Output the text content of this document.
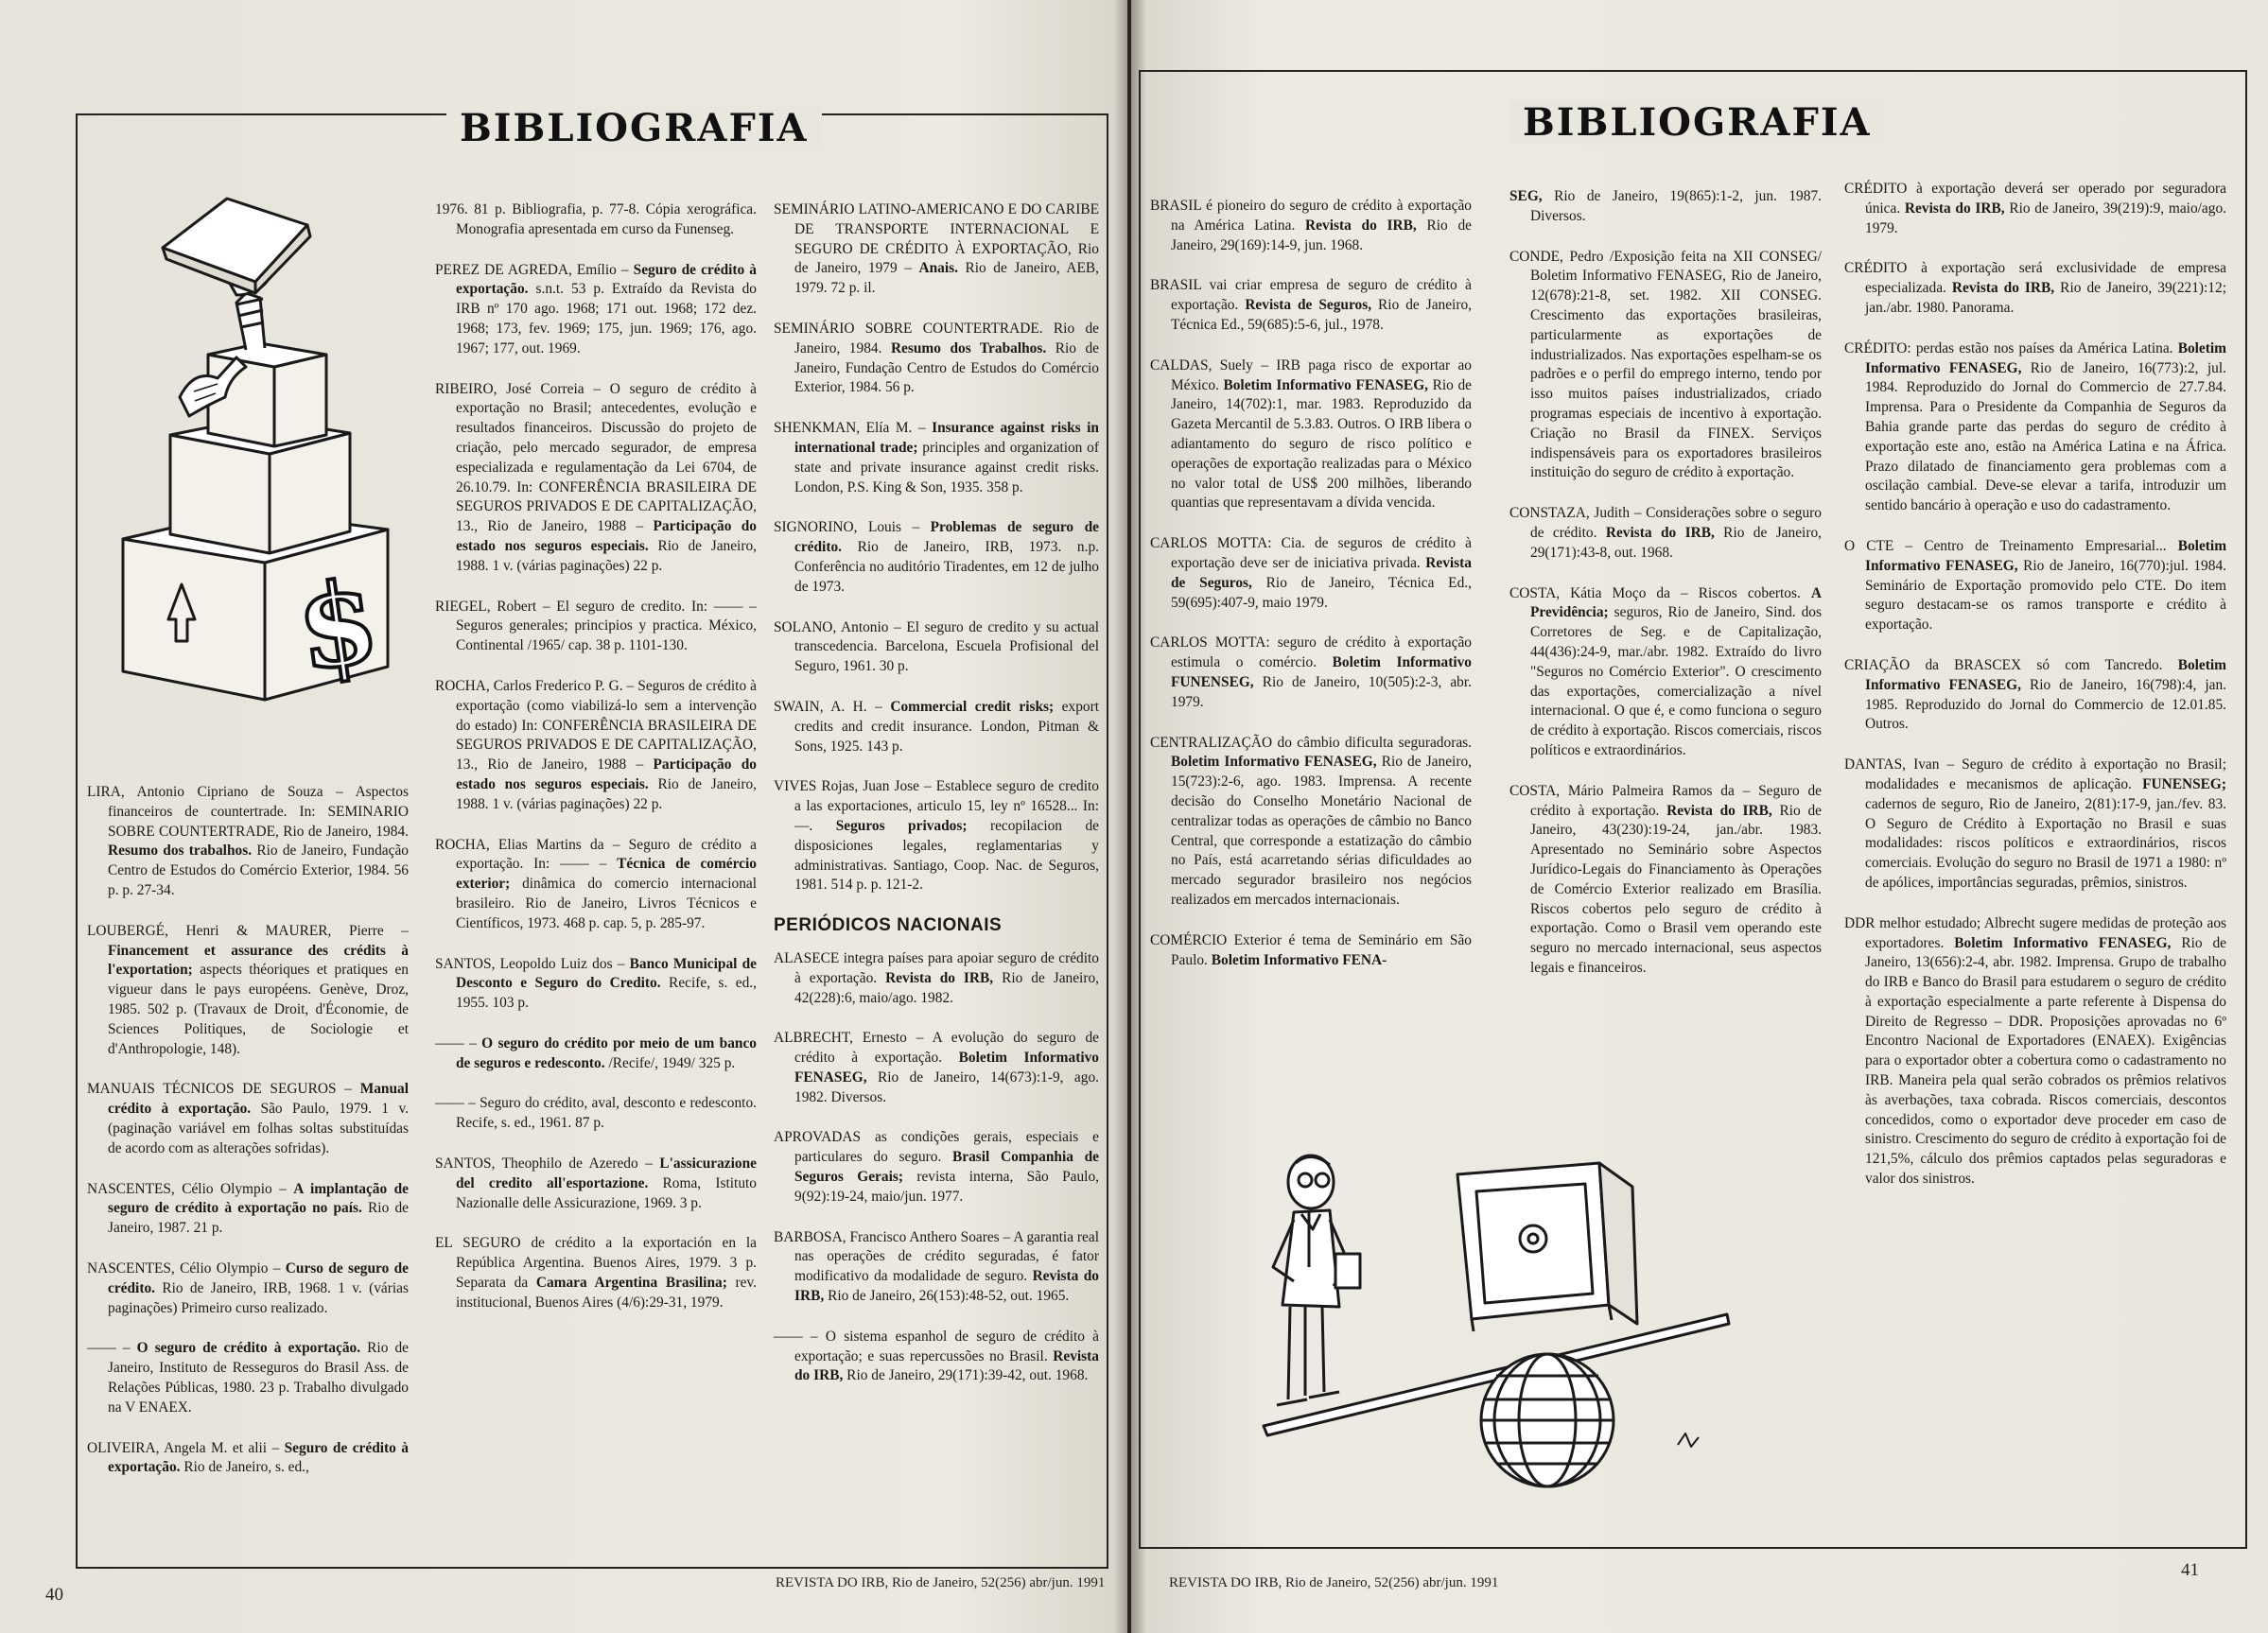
BIBLIOGRAFIA
$
LIRA, Antonio Cipriano de Souza – Aspectos financeiros de countertrade. In: SEMINARIO SOBRE COUNTERTRADE, Rio de Janeiro, 1984. Resumo dos trabalhos. Rio de Janeiro, Fundação Centro de Estudos do Comércio Exterior, 1984. 56 p. p. 27-34.
LOUBERGÉ, Henri & MAURER, Pierre – Financement et assurance des crédits à l'exportation; aspects théoriques et pratiques en vigueur dans le pays européens. Genève, Droz, 1985. 502 p. (Travaux de Droit, d'Économie, de Sciences Politiques, de Sociologie et d'Anthropologie, 148).
MANUAIS TÉCNICOS DE SEGUROS – Manual crédito à exportação. São Paulo, 1979. 1 v. (paginação variável em folhas soltas substituídas de acordo com as alterações sofridas).
NASCENTES, Célio Olympio – A implantação de seguro de crédito à exportação no país. Rio de Janeiro, 1987. 21 p.
NASCENTES, Célio Olympio – Curso de seguro de crédito. Rio de Janeiro, IRB, 1968. 1 v. (várias paginações) Primeiro curso realizado.
—— – O seguro de crédito à exportação. Rio de Janeiro, Instituto de Resseguros do Brasil Ass. de Relações Públicas, 1980. 23 p. Trabalho divulgado na V ENAEX.
OLIVEIRA, Angela M. et alii – Seguro de crédito à exportação. Rio de Janeiro, s. ed.,
1976. 81 p. Bibliografia, p. 77-8. Cópia xerográfica. Monografia apresentada em curso da Funenseg.
PEREZ DE AGREDA, Emílio – Seguro de crédito à exportação. s.n.t. 53 p. Extraído da Revista do IRB nº 170 ago. 1968; 171 out. 1968; 172 dez. 1968; 173, fev. 1969; 175, jun. 1969; 176, ago. 1967; 177, out. 1969.
RIBEIRO, José Correia – O seguro de crédito à exportação no Brasil; antecedentes, evolução e resultados financeiros. Discussão do projeto de criação, pelo mercado segurador, de empresa especializada e regulamentação da Lei 6704, de 26.10.79. In: CONFERÊNCIA BRASILEIRA DE SEGUROS PRIVADOS E DE CAPITALIZAÇÃO, 13., Rio de Janeiro, 1988 – Participação do estado nos seguros especiais. Rio de Janeiro, 1988. 1 v. (várias paginações) 22 p.
RIEGEL, Robert – El seguro de credito. In: —— – Seguros generales; principios y practica. México, Continental /1965/ cap. 38 p. 1101-130.
ROCHA, Carlos Frederico P. G. – Seguros de crédito à exportação (como viabilizá-lo sem a intervenção do estado) In: CONFERÊNCIA BRASILEIRA DE SEGUROS PRIVADOS E DE CAPITALIZAÇÃO, 13., Rio de Janeiro, 1988 – Participação do estado nos seguros especiais. Rio de Janeiro, 1988. 1 v. (várias paginações) 22 p.
ROCHA, Elias Martins da – Seguro de crédito a exportação. In: —— – Técnica de comércio exterior; dinâmica do comercio internacional brasileiro. Rio de Janeiro, Livros Técnicos e Científicos, 1973. 468 p. cap. 5, p. 285-97.
SANTOS, Leopoldo Luiz dos – Banco Municipal de Desconto e Seguro do Credito. Recife, s. ed., 1955. 103 p.
—— – O seguro do crédito por meio de um banco de seguros e redesconto. /Recife/, 1949/ 325 p.
—— – Seguro do crédito, aval, desconto e redesconto. Recife, s. ed., 1961. 87 p.
SANTOS, Theophilo de Azeredo – L'assicurazione del credito all'esportazione. Roma, Istituto Nazionalle delle Assicurazione, 1969. 3 p.
EL SEGURO de crédito a la exportación en la República Argentina. Buenos Aires, 1979. 3 p. Separata da Camara Argentina Brasilina; rev. institucional, Buenos Aires (4/6):29-31, 1979.
SEMINÁRIO LATINO-AMERICANO E DO CARIBE DE TRANSPORTE INTERNACIONAL E SEGURO DE CRÉDITO À EXPORTAÇÃO, Rio de Janeiro, 1979 – Anais. Rio de Janeiro, AEB, 1979. 72 p. il.
SEMINÁRIO SOBRE COUNTERTRADE. Rio de Janeiro, 1984. Resumo dos Trabalhos. Rio de Janeiro, Fundação Centro de Estudos do Comércio Exterior, 1984. 56 p.
SHENKMAN, Elía M. – Insurance against risks in international trade; principles and organization of state and private insurance against credit risks. London, P.S. King & Son, 1935. 358 p.
SIGNORINO, Louis – Problemas de seguro de crédito. Rio de Janeiro, IRB, 1973. n.p. Conferência no auditório Tiradentes, em 12 de julho de 1973.
SOLANO, Antonio – El seguro de credito y su actual transcedencia. Barcelona, Escuela Profisional del Seguro, 1961. 30 p.
SWAIN, A. H. – Commercial credit risks; export credits and credit insurance. London, Pitman & Sons, 1925. 143 p.
VIVES Rojas, Juan Jose – Establece seguro de credito a las exportaciones, articulo 15, ley nº 16528... In: —. Seguros privados; recopilacion de disposiciones legales, reglamentarias y administrativas. Santiago, Coop. Nac. de Seguros, 1981. 514 p. p. 121-2.
PERIÓDICOS NACIONAIS
ALASECE integra países para apoiar seguro de crédito à exportação. Revista do IRB, Rio de Janeiro, 42(228):6, maio/ago. 1982.
ALBRECHT, Ernesto – A evolução do seguro de crédito à exportação. Boletim Informativo FENASEG, Rio de Janeiro, 14(673):1-9, ago. 1982. Diversos.
APROVADAS as condições gerais, especiais e particulares do seguro. Brasil Companhia de Seguros Gerais; revista interna, São Paulo, 9(92):19-24, maio/jun. 1977.
BARBOSA, Francisco Anthero Soares – A garantia real nas operações de crédito seguradas, é fator modificativo da modalidade de seguro. Revista do IRB, Rio de Janeiro, 26(153):48-52, out. 1965.
—— – O sistema espanhol de seguro de crédito à exportação; e suas repercussões no Brasil. Revista do IRB, Rio de Janeiro, 29(171):39-42, out. 1968.
40
REVISTA DO IRB, Rio de Janeiro, 52(256) abr/jun. 1991
BIBLIOGRAFIA
BRASIL é pioneiro do seguro de crédito à exportação na América Latina. Revista do IRB, Rio de Janeiro, 29(169):14-9, jun. 1968.
BRASIL vai criar empresa de seguro de crédito à exportação. Revista de Seguros, Rio de Janeiro, Técnica Ed., 59(685):5-6, jul., 1978.
CALDAS, Suely – IRB paga risco de exportar ao México. Boletim Informativo FENASEG, Rio de Janeiro, 14(702):1, mar. 1983. Reproduzido da Gazeta Mercantil de 5.3.83. Outros. O IRB libera o adiantamento do seguro de risco político e operações de exportação realizadas para o México no valor total de US$ 200 milhões, liberando quantias que representavam a dívida vencida.
CARLOS MOTTA: Cia. de seguros de crédito à exportação deve ser de iniciativa privada. Revista de Seguros, Rio de Janeiro, Técnica Ed., 59(695):407-9, maio 1979.
CARLOS MOTTA: seguro de crédito à exportação estimula o comércio. Boletim Informativo FUNENSEG, Rio de Janeiro, 10(505):2-3, abr. 1979.
CENTRALIZAÇÃO do câmbio dificulta seguradoras. Boletim Informativo FENASEG, Rio de Janeiro, 15(723):2-6, ago. 1983. Imprensa. A recente decisão do Conselho Monetário Nacional de centralizar todas as operações de câmbio no Banco Central, que corresponde a estatização do câmbio no País, está acarretando sérias dificuldades ao mercado segurador brasileiro nos negócios realizados em mercados internacionais.
COMÉRCIO Exterior é tema de Seminário em São Paulo. Boletim Informativo FENA-
SEG, Rio de Janeiro, 19(865):1-2, jun. 1987. Diversos.
CONDE, Pedro /Exposição feita na XII CONSEG/ Boletim Informativo FENASEG, Rio de Janeiro, 12(678):21-8, set. 1982. XII CONSEG. Crescimento das exportações brasileiras, particularmente as exportações de industrializados. Nas exportações espelham-se os padrões e o perfil do emprego interno, tendo por isso muitos países industrializados, criado programas especiais de incentivo à exportação. Criação no Brasil da FINEX. Serviços indispensáveis para os exportadores brasileiros instituição do seguro de crédito à exportação.
CONSTAZA, Judith – Considerações sobre o seguro de crédito. Revista do IRB, Rio de Janeiro, 29(171):43-8, out. 1968.
COSTA, Kátia Moço da – Riscos cobertos. A Previdência; seguros, Rio de Janeiro, Sind. dos Corretores de Seg. e de Capitalização, 44(436):24-9, mar./abr. 1982. Extraído do livro "Seguros no Comércio Exterior". O crescimento das exportações, comercialização a nível internacional. O que é, e como funciona o seguro de crédito à exportação. Riscos comerciais, riscos políticos e extraordinários.
COSTA, Mário Palmeira Ramos da – Seguro de crédito à exportação. Revista do IRB, Rio de Janeiro, 43(230):19-24, jan./abr. 1983. Apresentado no Seminário sobre Aspectos Jurídico-Legais do Financiamento às Operações de Comércio Exterior realizado em Brasília. Riscos cobertos pelo seguro de crédito à exportação. Como o Brasil vem operando este seguro no mercado internacional, seus aspectos legais e financeiros.
CRÉDITO à exportação deverá ser operado por seguradora única. Revista do IRB, Rio de Janeiro, 39(219):9, maio/ago. 1979.
CRÉDITO à exportação será exclusividade de empresa especializada. Revista do IRB, Rio de Janeiro, 39(221):12; jan./abr. 1980. Panorama.
CRÉDITO: perdas estão nos países da América Latina. Boletim Informativo FENASEG, Rio de Janeiro, 16(773):2, jul. 1984. Reproduzido do Jornal do Commercio de 27.7.84. Imprensa. Para o Presidente da Companhia de Seguros da Bahia grande parte das perdas do seguro de crédito à exportação este ano, estão na América Latina e na África. Prazo dilatado de financiamento gera problemas com a oscilação cambial. Deve-se elevar a tarifa, introduzir um sentido bancário à operação e uso do cadastramento.
O CTE – Centro de Treinamento Empresarial... Boletim Informativo FENASEG, Rio de Janeiro, 16(770):jul. 1984. Seminário de Exportação promovido pelo CTE. Do item seguro destacam-se os ramos transporte e crédito à exportação.
CRIAÇÃO da BRASCEX só com Tancredo. Boletim Informativo FENASEG, Rio de Janeiro, 16(798):4, jan. 1985. Reproduzido do Jornal do Commercio de 12.01.85. Outros.
DANTAS, Ivan – Seguro de crédito à exportação no Brasil; modalidades e mecanismos de aplicação. FUNENSEG; cadernos de seguro, Rio de Janeiro, 2(81):17-9, jan./fev. 83. O Seguro de Crédito à Exportação no Brasil e suas modalidades: riscos políticos e extraordinários, riscos comerciais. Evolução do seguro no Brasil de 1971 a 1980: nº de apólices, importâncias seguradas, prêmios, sinistros.
DDR melhor estudado; Albrecht sugere medidas de proteção aos exportadores. Boletim Informativo FENASEG, Rio de Janeiro, 13(656):2-4, abr. 1982. Imprensa. Grupo de trabalho do IRB e Banco do Brasil para estudarem o seguro de crédito à exportação especialmente a parte referente à Dispensa do Direito de Regresso – DDR. Proposições aprovadas no 6º Encontro Nacional de Exportadores (ENAEX). Exigências para o exportador obter a cobertura como o cadastramento no IRB. Maneira pela qual serão cobrados os prêmios relativos às averbações, taxa cobrada. Riscos comerciais, descontos concedidos, como o exportador deve proceder em caso de sinistro. Crescimento do seguro de crédito à exportação foi de 121,5%, cálculo dos prêmios captados pelas seguradoras e valor dos sinistros.
REVISTA DO IRB, Rio de Janeiro, 52(256) abr/jun. 1991
41
